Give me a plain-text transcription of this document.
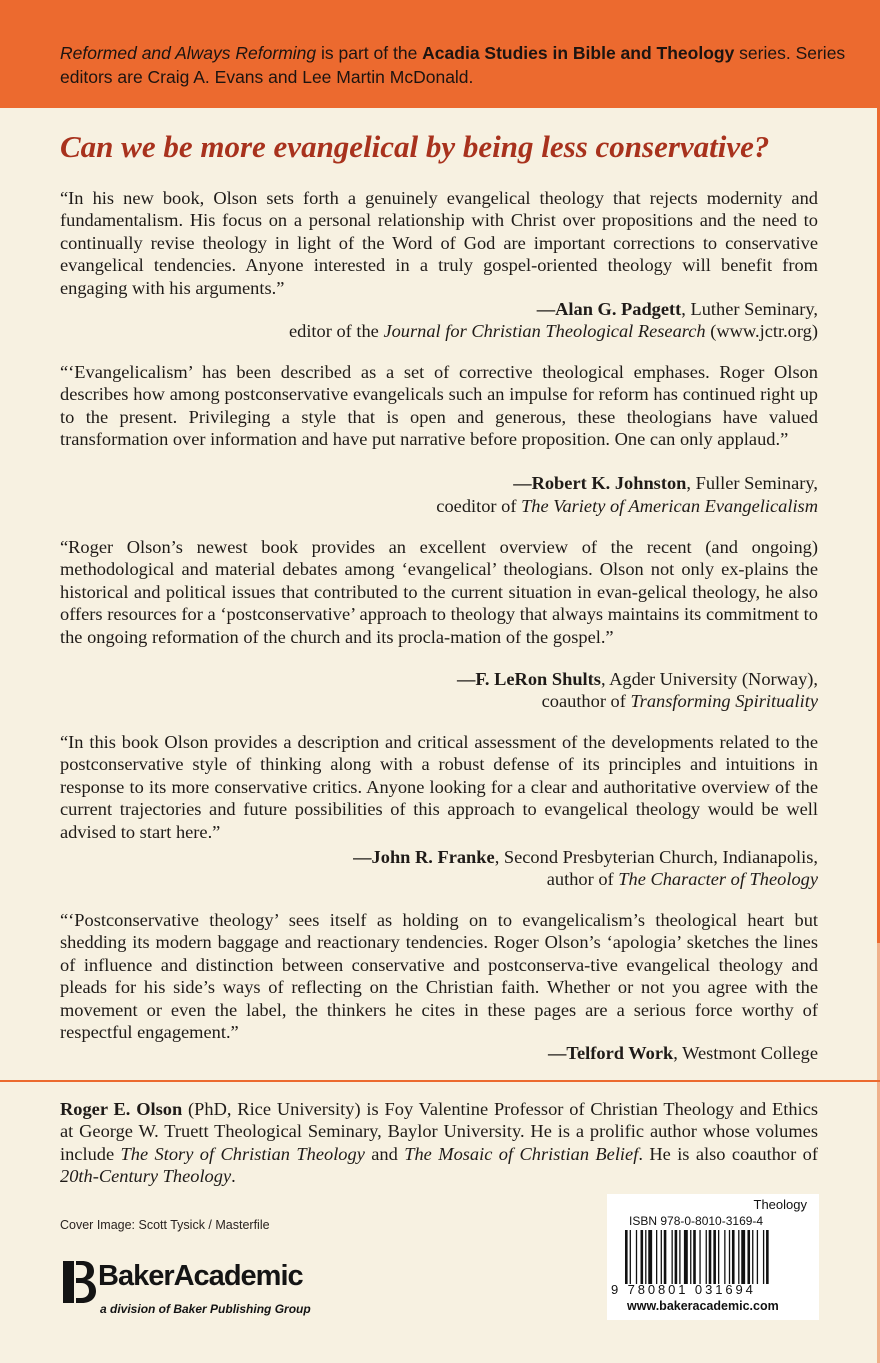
Reformed and Always Reforming is part of the Acadia Studies in Bible and Theology series. Series editors are Craig A. Evans and Lee Martin McDonald.

Can we be more evangelical by being less conservative?

“In his new book, Olson sets forth a genuinely evangelical theology that rejects modernity and fundamentalism. His focus on a personal relationship with Christ over propositions and the need to continually revise theology in light of the Word of God are important corrections to conservative evangelical tendencies. Anyone interested in a truly gospel-oriented theology will benefit from engaging with his arguments.”

—Alan G. Padgett, Luther Seminary,

editor of the Journal for Christian Theological Research (www.jctr.org)

“‘Evangelicalism’ has been described as a set of corrective theological emphases. Roger Olson describes how among postconservative evangelicals such an impulse for reform has continued right up to the present. Privileging a style that is open and generous, these theologians have valued transformation over information and have put narrative before proposition. One can only applaud.”

—Robert K. Johnston, Fuller Seminary,

coeditor of The Variety of American Evangelicalism

“Roger Olson’s newest book provides an excellent overview of the recent (and ongoing) methodological and material debates among ‘evangelical’ theologians. Olson not only ex-plains the historical and political issues that contributed to the current situation in evan-gelical theology, he also offers resources for a ‘postconservative’ approach to theology that always maintains its commitment to the ongoing reformation of the church and its procla-mation of the gospel.”

—F. LeRon Shults, Agder University (Norway),

coauthor of Transforming Spirituality

“In this book Olson provides a description and critical assessment of the developments related to the postconservative style of thinking along with a robust defense of its principles and intuitions in response to its more conservative critics. Anyone looking for a clear and authoritative overview of the current trajectories and future possibilities of this approach to evangelical theology would be well advised to start here.”

—John R. Franke, Second Presbyterian Church, Indianapolis,

author of The Character of Theology

“‘Postconservative theology’ sees itself as holding on to evangelicalism’s theological heart but shedding its modern baggage and reactionary tendencies. Roger Olson’s ‘apologia’ sketches the lines of influence and distinction between conservative and postconserva-tive evangelical theology and pleads for his side’s ways of reflecting on the Christian faith. Whether or not you agree with the movement or even the label, the thinkers he cites in these pages are a serious force worthy of respectful engagement.”

—Telford Work, Westmont College

Roger E. Olson (PhD, Rice University) is Foy Valentine Professor of Christian Theology and Ethics at George W. Truett Theological Seminary, Baylor University. He is a prolific author whose volumes include The Story of Christian Theology and The Mosaic of Christian Belief. He is also coauthor of 20th-Century Theology.

Cover Image: Scott Tysick / Masterfile

BakerAcademic

a division of Baker Publishing Group

Theology

ISBN 978-0-8010-3169-4

9 780801 031694

www.bakeracademic.com
